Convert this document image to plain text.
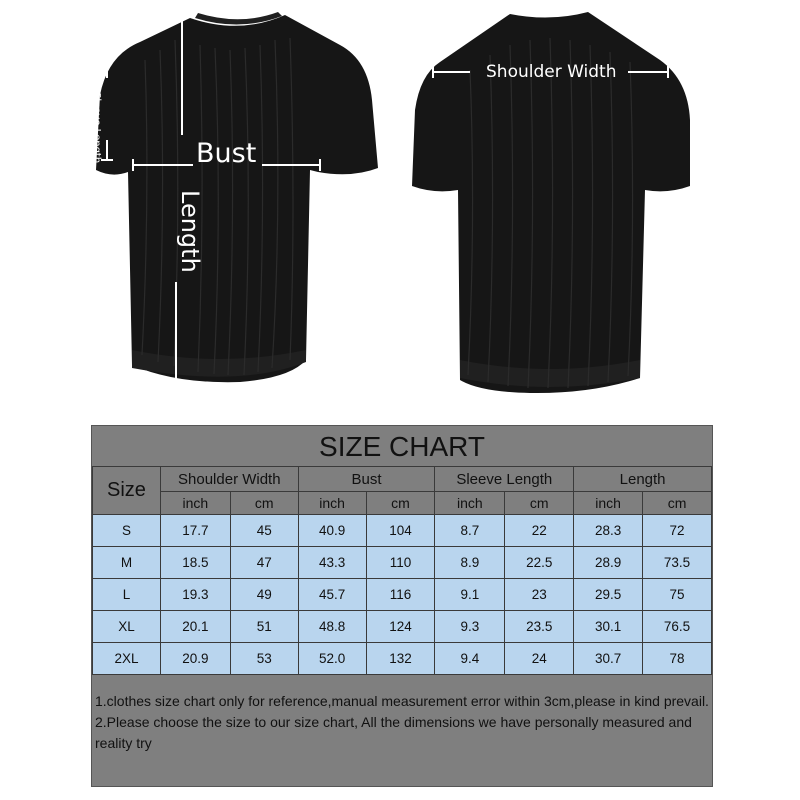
Bust
Length
Sleeve Length
Shoulder Width
SIZE CHART
Size	Shoulder Width		Bust		Sleeve Length		Length	
	inch	cm	inch	cm	inch	cm	inch	cm
S	17.7	45	40.9	104	8.7	22	28.3	72
M	18.5	47	43.3	110	8.9	22.5	28.9	73.5
L	19.3	49	45.7	116	9.1	23	29.5	75
XL	20.1	51	48.8	124	9.3	23.5	30.1	76.5
2XL	20.9	53	52.0	132	9.4	24	30.7	78

1.clothes size chart only for reference,manual measurement error within 3cm,please in kind prevail.

2.Please choose the size to our size chart, All the dimensions we have personally measured and reality try
